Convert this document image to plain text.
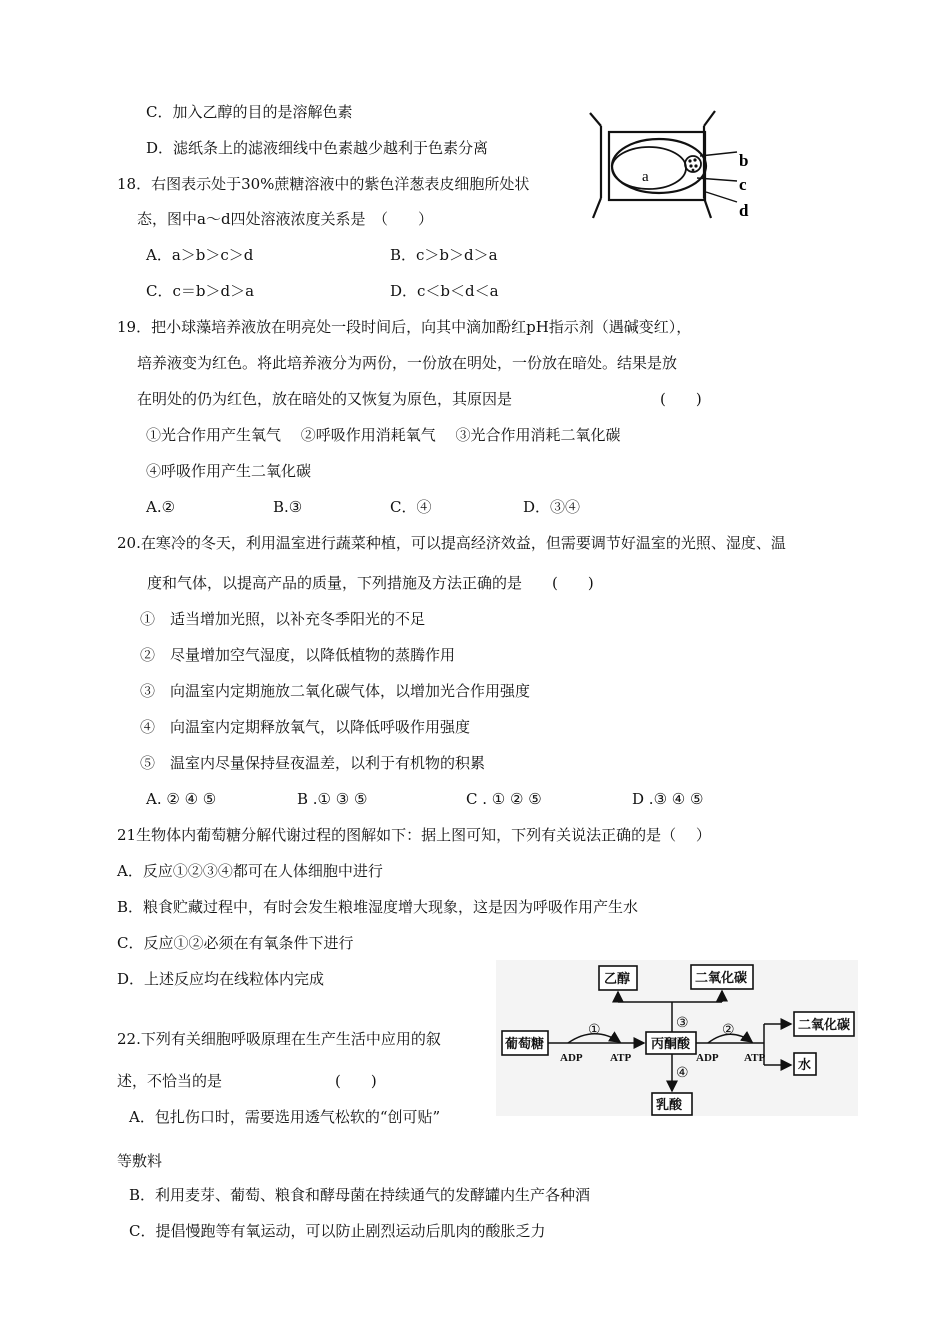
C．加入乙醇的目的是溶解色素
D．滤纸条上的滤液细线中色素越少越利于色素分离
18．右图表示处于30%蔗糖溶液中的紫色洋葱表皮细胞所处状
态，图中a～d四处溶液浓度关系是　（　　）
A．a＞b＞c＞d	B．c＞b＞d＞a
C．c＝b＞d＞a	D．c＜b＜d＜a
a
b
c
d
19．把小球藻培养液放在明亮处一段时间后，向其中滴加酚红pH指示剂（遇碱变红），
培养液变为红色。将此培养液分为两份，一份放在明处，一份放在暗处。结果是放
在明处的仍为红色，放在暗处的又恢复为原色，其原因是	(　　)
①光合作用产生氧气　 ②呼吸作用消耗氧气　 ③光合作用消耗二氧化碳
④呼吸作用产生二氧化碳
A.②	B.③	C．④	D．③④
20.在寒冷的冬天，利用温室进行蔬菜种植，可以提高经济效益，但需要调节好温室的光照、湿度、温
度和气体，以提高产品的质量，下列措施及方法正确的是　　(　　)
①　适当增加光照，以补充冬季阳光的不足
②　尽量增加空气湿度，以降低植物的蒸腾作用
③　向温室内定期施放二氧化碳气体，以增加光合作用强度
④　向温室内定期释放氧气，以降低呼吸作用强度
⑤　温室内尽量保持昼夜温差，以利于有机物的积累
A. ② ④ ⑤	B .① ③ ⑤	C . ① ② ⑤	D .③ ④ ⑤
21生物体内葡萄糖分解代谢过程的图解如下：据上图可知，下列有关说法正确的是（　 ）
A．反应①②③④都可在人体细胞中进行
B．粮食贮藏过程中，有时会发生粮堆湿度增大现象，这是因为呼吸作用产生水
C．反应①②必须在有氧条件下进行
D．上述反应均在线粒体内完成
葡萄糖	丙酮酸
乙醇	二氧化碳
二氧化碳
水
乳酸
①	②
③
④
ADP ATP	ADP ATP
22.下列有关细胞呼吸原理在生产生活中应用的叙
述，不恰当的是	(　　)
A．包扎伤口时，需要选用透气松软的“创可贴”
等敷料
B．利用麦芽、葡萄、粮食和酵母菌在持续通气的发酵罐内生产各种酒
C．提倡慢跑等有氧运动，可以防止剧烈运动后肌肉的酸胀乏力
